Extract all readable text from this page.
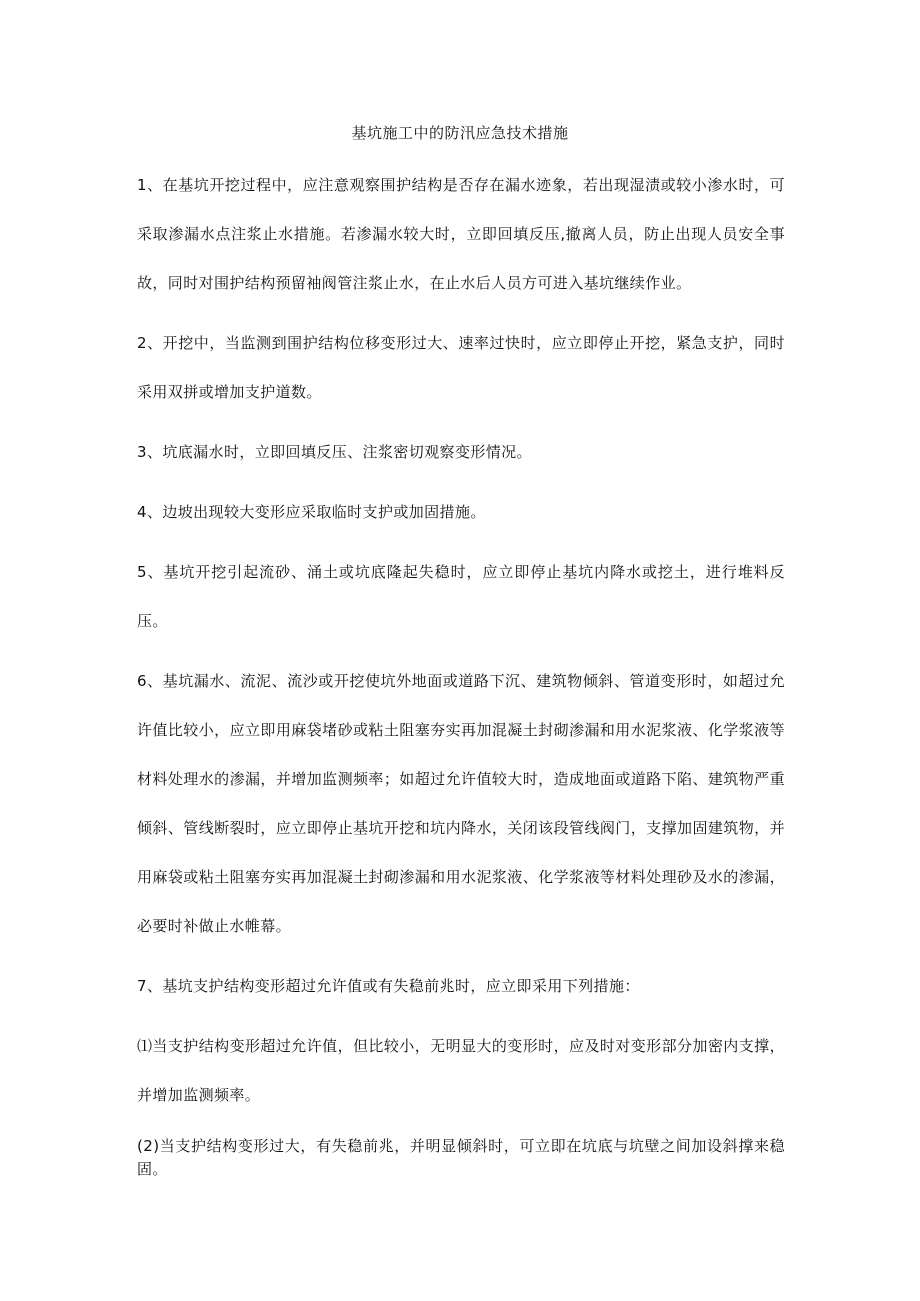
基坑施工中的防汛应急技术措施

1、在基坑开挖过程中，应注意观察围护结构是否存在漏水迹象，若出现湿渍或较小渗水时，可采取渗漏水点注浆止水措施。若渗漏水较大时，立即回填反压,撤离人员，防止出现人员安全事故，同时对围护结构预留袖阀管注浆止水，在止水后人员方可进入基坑继续作业。

2、开挖中，当监测到围护结构位移变形过大、速率过快时，应立即停止开挖，紧急支护，同时采用双拼或增加支护道数。

3、坑底漏水时，立即回填反压、注浆密切观察变形情况。

4、边坡出现较大变形应采取临时支护或加固措施。

5、基坑开挖引起流砂、涌土或坑底隆起失稳时，应立即停止基坑内降水或挖土，进行堆料反压。

6、基坑漏水、流泥、流沙或开挖使坑外地面或道路下沉、建筑物倾斜、管道变形时，如超过允许值比较小，应立即用麻袋堵砂或粘土阻塞夯实再加混凝土封砌渗漏和用水泥浆液、化学浆液等材料处理水的渗漏，并增加监测频率；如超过允许值较大时，造成地面或道路下陷、建筑物严重倾斜、管线断裂时，应立即停止基坑开挖和坑内降水，关闭该段管线阀门，支撑加固建筑物，并用麻袋或粘土阻塞夯实再加混凝土封砌渗漏和用水泥浆液、化学浆液等材料处理砂及水的渗漏，必要时补做止水帷幕。

7、基坑支护结构变形超过允许值或有失稳前兆时，应立即采用下列措施：

⑴当支护结构变形超过允许值，但比较小，无明显大的变形时，应及时对变形部分加密内支撑，并增加监测频率。

(2)当支护结构变形过大，有失稳前兆，并明显倾斜时，可立即在坑底与坑壁之间加设斜撑来稳固。
